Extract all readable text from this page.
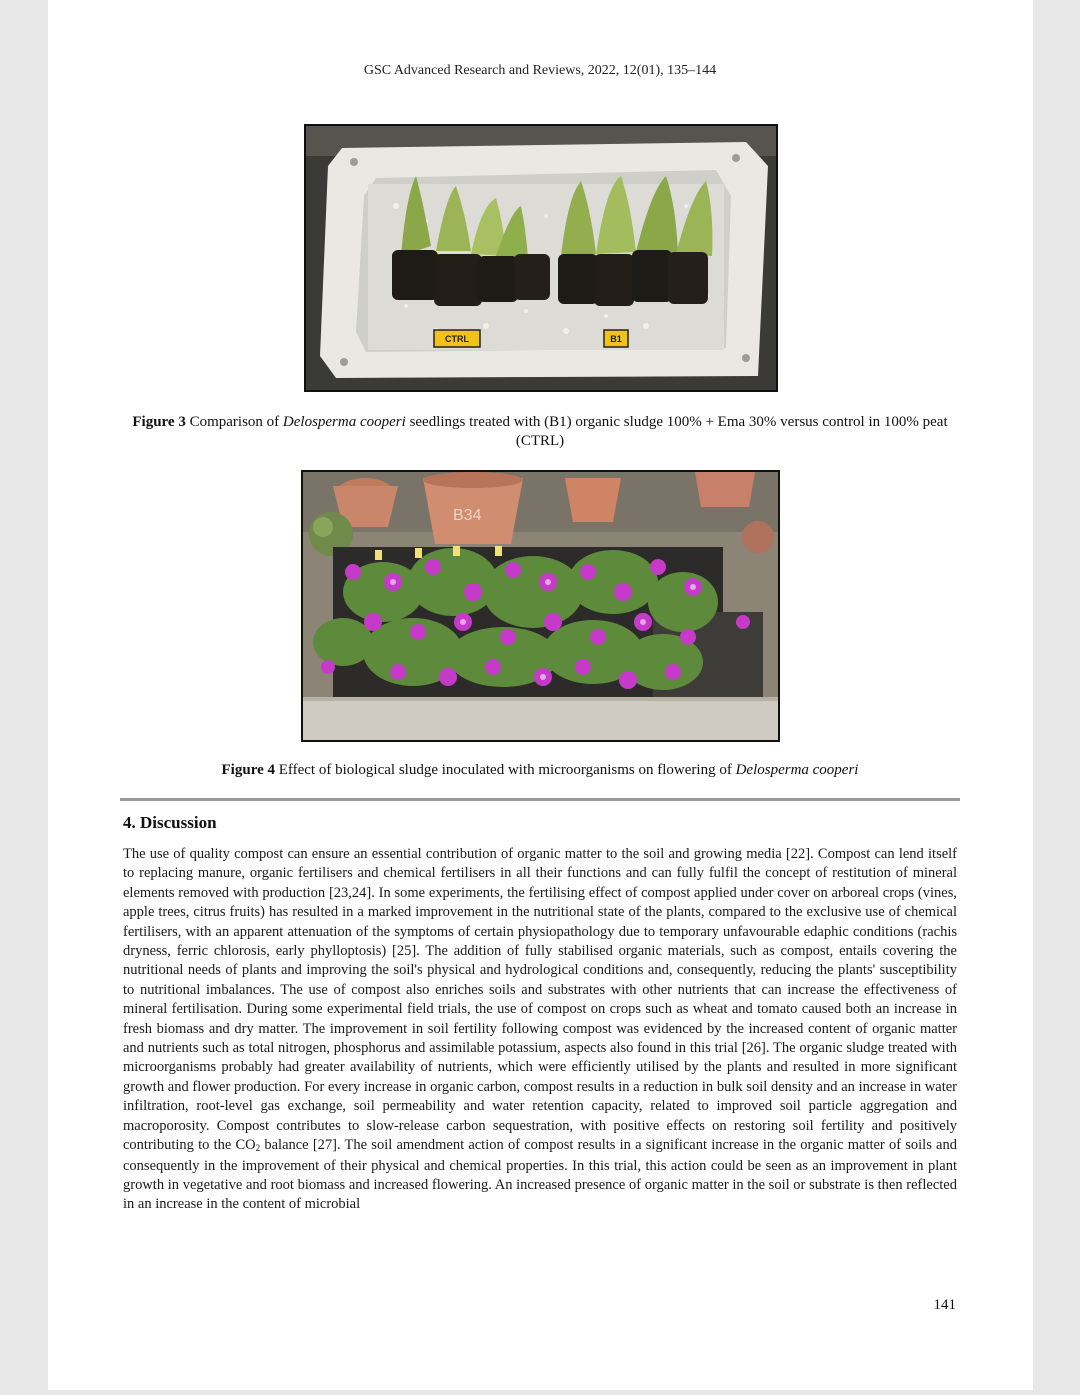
GSC Advanced Research and Reviews, 2022, 12(01), 135–144
CTRL	B1
Figure 3 Comparison of Delosperma cooperi seedlings treated with (B1) organic sludge 100% + Ema 30% versus control in 100% peat (CTRL)
B34
Figure 4 Effect of biological sludge inoculated with microorganisms on flowering of Delosperma cooperi
4. Discussion
The use of quality compost can ensure an essential contribution of organic matter to the soil and growing media [22]. Compost can lend itself to replacing manure, organic fertilisers and chemical fertilisers in all their functions and can fully fulfil the concept of restitution of mineral elements removed with production [23,24]. In some experiments, the fertilising effect of compost applied under cover on arboreal crops (vines, apple trees, citrus fruits) has resulted in a marked improvement in the nutritional state of the plants, compared to the exclusive use of chemical fertilisers, with an apparent attenuation of the symptoms of certain physiopathology due to temporary unfavourable edaphic conditions (rachis dryness, ferric chlorosis, early phylloptosis) [25]. The addition of fully stabilised organic materials, such as compost, entails covering the nutritional needs of plants and improving the soil's physical and hydrological conditions and, consequently, reducing the plants' susceptibility to nutritional imbalances. The use of compost also enriches soils and substrates with other nutrients that can increase the effectiveness of mineral fertilisation. During some experimental field trials, the use of compost on crops such as wheat and tomato caused both an increase in fresh biomass and dry matter. The improvement in soil fertility following compost was evidenced by the increased content of organic matter and nutrients such as total nitrogen, phosphorus and assimilable potassium, aspects also found in this trial [26]. The organic sludge treated with microorganisms probably had greater availability of nutrients, which were efficiently utilised by the plants and resulted in more significant growth and flower production. For every increase in organic carbon, compost results in a reduction in bulk soil density and an increase in water infiltration, root-level gas exchange, soil permeability and water retention capacity, related to improved soil particle aggregation and macroporosity. Compost contributes to slow-release carbon sequestration, with positive effects on restoring soil fertility and positively contributing to the $CO_2$ balance [27]. The soil amendment action of compost results in a significant increase in the organic matter of soils and consequently in the improvement of their physical and chemical properties. In this trial, this action could be seen as an improvement in plant growth in vegetative and root biomass and increased flowering. An increased presence of organic matter in the soil or substrate is then reflected in an increase in the content of microbial
141
